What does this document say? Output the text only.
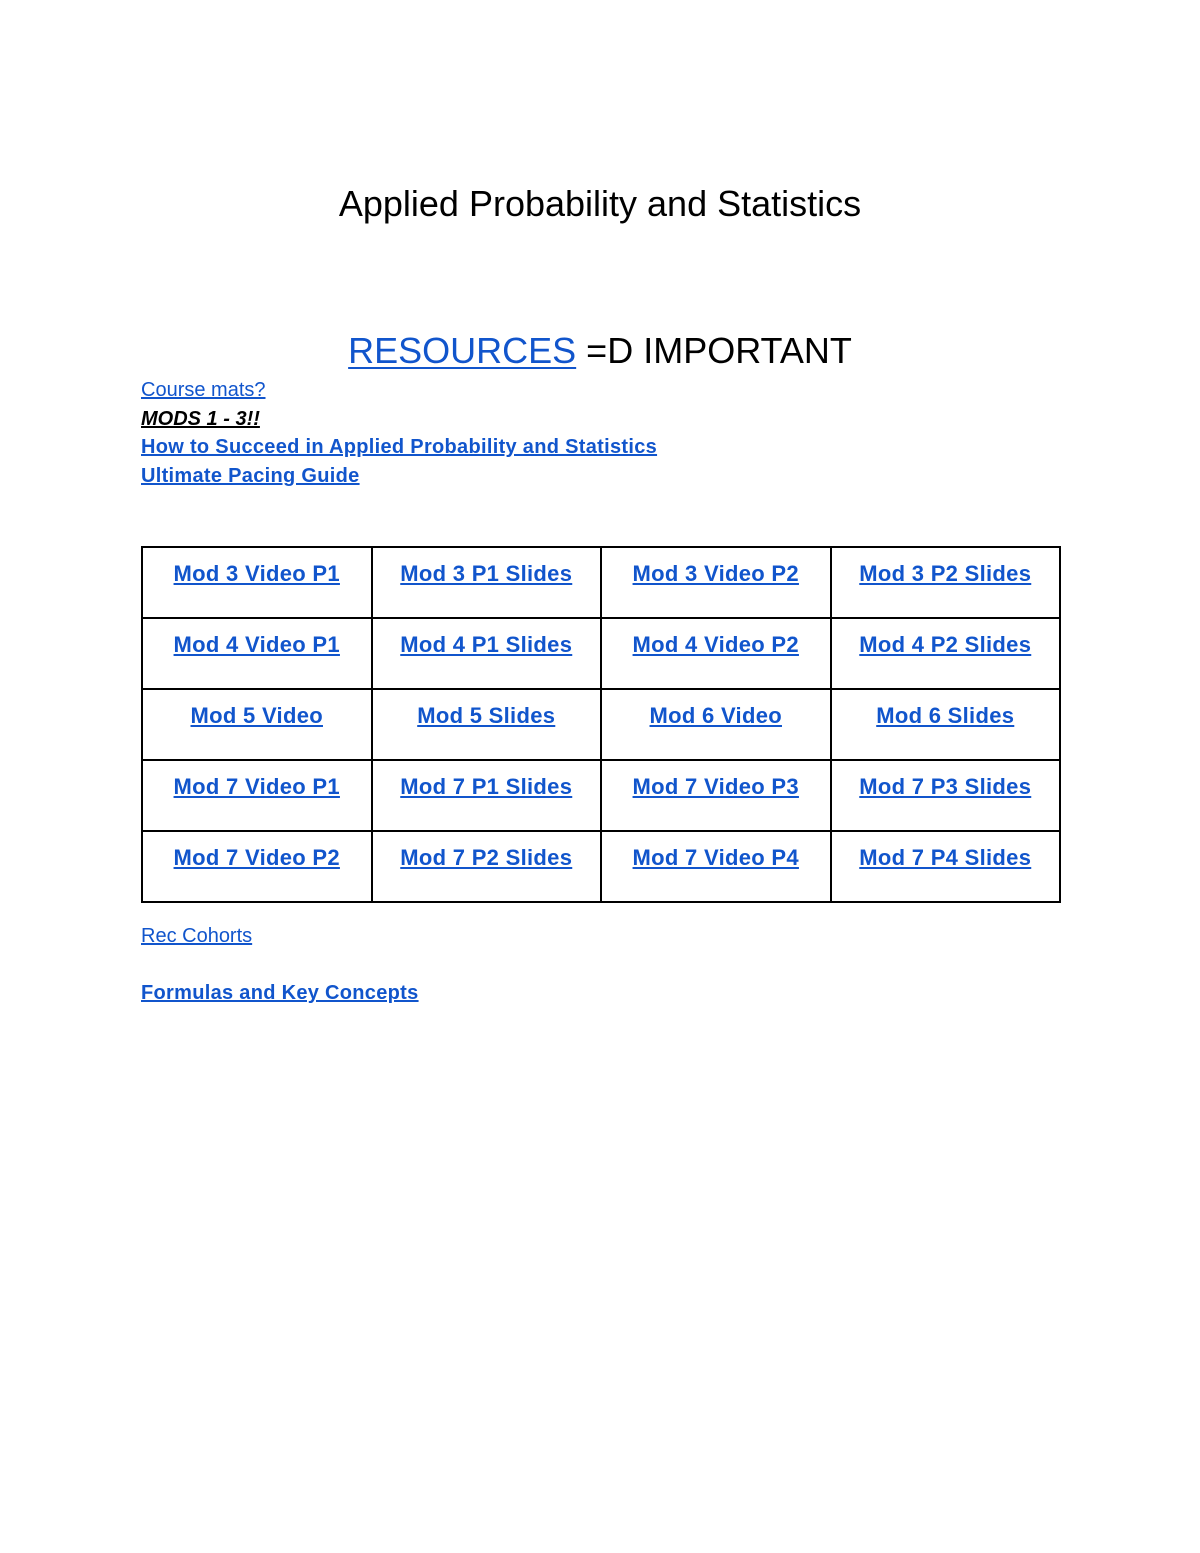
Applied Probability and Statistics
RESOURCES =D IMPORTANT
Course mats?
MODS 1 - 3!!
How to Succeed in Applied Probability and Statistics
Ultimate Pacing Guide
Mod 3 Video P1	Mod 3 P1 Slides	Mod 3 Video P2	Mod 3 P2 Slides
Mod 4 Video P1	Mod 4 P1 Slides	Mod 4 Video P2	Mod 4 P2 Slides
Mod 5 Video	Mod 5 Slides	Mod 6 Video	Mod 6 Slides
Mod 7 Video P1	Mod 7 P1 Slides	Mod 7 Video P3	Mod 7 P3 Slides
Mod 7 Video P2	Mod 7 P2 Slides	Mod 7 Video P4	Mod 7 P4 Slides
Rec Cohorts
Formulas and Key Concepts
